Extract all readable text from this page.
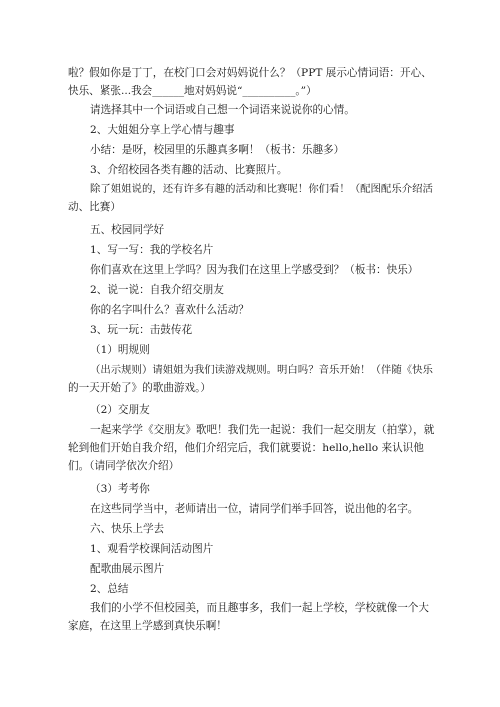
啦？假如你是丁丁，在校门口会对妈妈说什么？（PPT 展示心情词语：开心、
快乐、紧张...我会______地对妈妈说“__________。”）
请选择其中一个词语或自己想一个词语来说说你的心情。
2、大姐姐分享上学心情与趣事
小结：是呀，校园里的乐趣真多啊！（板书：乐趣多）
3、介绍校园各类有趣的活动、比赛照片。
除了姐姐说的，还有许多有趣的活动和比赛呢！你们看！（配图配乐介绍活
动、比赛）
五、校园同学好
1、写一写：我的学校名片
你们喜欢在这里上学吗？因为我们在这里上学感受到？（板书：快乐）
2、说一说：自我介绍交朋友
你的名字叫什么？喜欢什么活动？
3、玩一玩：击鼓传花
（1）明规则
（出示规则）请姐姐为我们读游戏规则。明白吗？音乐开始！（伴随《快乐
的一天开始了》的歌曲游戏。）
（2）交朋友
一起来学学《交朋友》歌吧！我们先一起说：我们一起交朋友（拍掌），就
轮到他们开始自我介绍，他们介绍完后，我们就要说：hello,hello 来认识他
们。（请同学依次介绍）
（3）考考你
在这些同学当中，老师请出一位，请同学们举手回答，说出他的名字。
六、快乐上学去
1、观看学校课间活动图片
配歌曲展示图片
2、总结
我们的小学不但校园美，而且趣事多，我们一起上学校，学校就像一个大
家庭，在这里上学感到真快乐啊！
